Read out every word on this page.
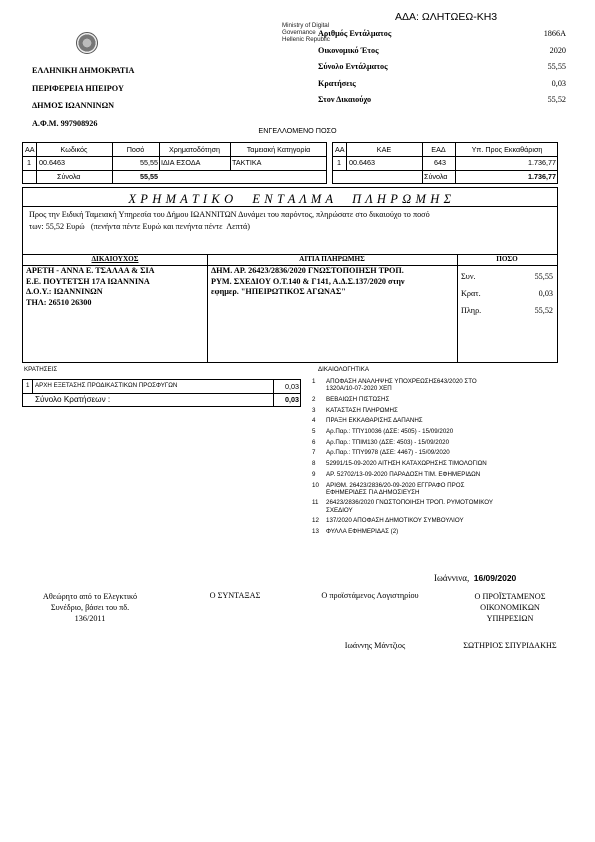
ΑΔΑ: ΩΛΗΤΩΕΩ-ΚΗ3
Ministry of Digital
Governance
Hellenic Republic
ΕΛΛΗΝΙΚΗ ΔΗΜΟΚΡΑΤΙΑ
ΠΕΡΙΦΕΡΕΙΑ ΗΠΕΙΡΟΥ
ΔΗΜΟΣ ΙΩΑΝΝΙΝΩΝ
Α.Φ.Μ. 997908926
Αριθμός Εντάλματος	1866Α
Οικονομικό Έτος	2020
Σύνολο Εντάλματος	55,55
Κρατήσεις	0,03
Στον Δικαιούχο	55,52
ΕΝΓΕΛΛΟΜΕΝΟ ΠΟΣΟ
ΑΑ	Κωδικός	Ποσό	Χρηματοδότηση	Ταμειακή Κατηγορία
1 00.6463	55,55 ΙΔΙΑ ΕΣΟΔΑ	ΤΑΚΤΙΚΑ
Σύνολα	55,55
ΑΑ	ΚΑΕ	ΕΑΔ	Υπ. Προς Εκκαθάριση
1 00.6463	643	1.736,77
Σύνολα	1.736,77
Χ Ρ Η Μ Α Τ Ι Κ Ο     Ε Ν Τ Α Λ Μ Α     Π Λ Η Ρ Ω Μ Η Σ
Προς την Ειδική Ταμειακή Υπηρεσία του Δήμου ΙΩΑΝΝΙΤΩΝ Δυνάμει του παρόντος, πληρώσατε στο δικαιούχο το ποσό
των: 55,52 Ευρώ   (πενήντα πέντε Ευρώ και πενήντα πέντε  Λεπτά)
ΔΙΚΑΙΟΥΧΟΣ	ΑΙΤΙΑ ΠΛΗΡΩΜΗΣ	ΠΟΣΟ
ΑΡΕΤΗ - ΑΝΝΑ Ε. ΤΣΑΛΑΑ & ΣΙΑ
Ε.Ε. ΠΟΥΤΕΤΣΗ 17Α ΙΩΑΝΝΙΝΑ
Δ.Ο.Υ.: ΙΩΑΝΝΙΝΩΝ
ΤΗΛ: 26510 26300
ΔΗΜ. ΑΡ. 26423/2836/2020 ΓΝΩΣΤΟΠΟΙΗΣΗ ΤΡΟΠ.
ΡΥΜ. ΣΧΕΔΙΟΥ Ο.Τ.140 & Γ141, Α.Δ.Σ.137/2020 στην
εφημερ. "ΗΠΕΙΡΩΤΙΚΟΣ ΑΓΩΝΑΣ"
Συν.	55,55
Κρατ.	0,03
Πληρ.	55,52
ΚΡΑΤΗΣΕΙΣ
1 ΑΡΧΗ ΕΞΕΤΑΣΗΣ ΠΡΟΔΙΚΑΣΤΙΚΩΝ ΠΡΟΣΦΥΓΩΝ	0,03
Σύνολο Κρατήσεων :	0,03
ΔΙΚΑΙΟΛΟΓΗΤΙΚΑ
1	ΑΠΟΦΑΣΗ ΑΝΑΛΗΨΗΣ ΥΠΟΧΡΕΩΣΗΣ643/2020 ΣΤΟ
1320Α/10-07-2020 ΧΕΠ
2	ΒΕΒΑΙΩΣΗ ΠΙΣΤΩΣΗΣ
3	ΚΑΤΑΣΤΑΣΗ ΠΛΗΡΩΜΗΣ
4	ΠΡΑΞΗ ΕΚΚΑΘΑΡΙΣΗΣ ΔΑΠΑΝΗΣ
5	Αρ.Παρ.: ΤΠΥ10036 (ΔΣΕ: 4505) - 15/09/2020
6	Αρ.Παρ.: ΤΠΙΜ130 (ΔΣΕ: 4503) - 15/09/2020
7	Αρ.Παρ.: ΤΠΥ9978 (ΔΣΕ: 4467) - 15/09/2020
8	52991/15-09-2020 ΑΙΤΗΣΗ ΚΑΤΑΧΩΡΗΣΗΣ ΤΙΜΟΛΟΓΙΩΝ
9	ΑΡ. 52702/13-09-2020 ΠΑΡΑΔΟΣΗ ΤΙΜ. ΕΦΗΜΕΡΙΔΩΝ
10	ΑΡΙΘΜ. 26423/2836/20-09-2020 ΕΓΓΡΑΦΟ ΠΡΟΣ
ΕΦΗΜΕΡΙΔΕΣ ΓΙΑ ΔΗΜΟΣΙΕΥΣΗ
11	26423/2836/2020 ΓΝΩΣΤΟΠΟΙΗΣΗ ΤΡΟΠ. ΡΥΜΟΤΟΜΙΚΟΥ
ΣΧΕΔΙΟΥ
12	137/2020 ΑΠΟΦΑΣΗ ΔΗΜΟΤΙΚΟΥ ΣΥΜΒΟΥΛΙΟΥ
13	ΦΥΛΛΑ ΕΦΗΜΕΡΙΔΑΣ (2)
Ιωάννινα, 16/09/2020
Αθεώρητο από το Ελεγκτικό
Συνέδριο, βάσει του πδ.
136/2011
Ο ΣΥΝΤΑΞΑΣ	Ο προϊστάμενος Λογιστηρίου	Ο ΠΡΟΪΣΤΑΜΕΝΟΣ
ΟΙΚΟΝΟΜΙΚΩΝ
ΥΠΗΡΕΣΙΩΝ
Ιωάννης Μάντζιος	ΣΩΤΗΡΙΟΣ ΣΠΥΡΙΔΑΚΗΣ
